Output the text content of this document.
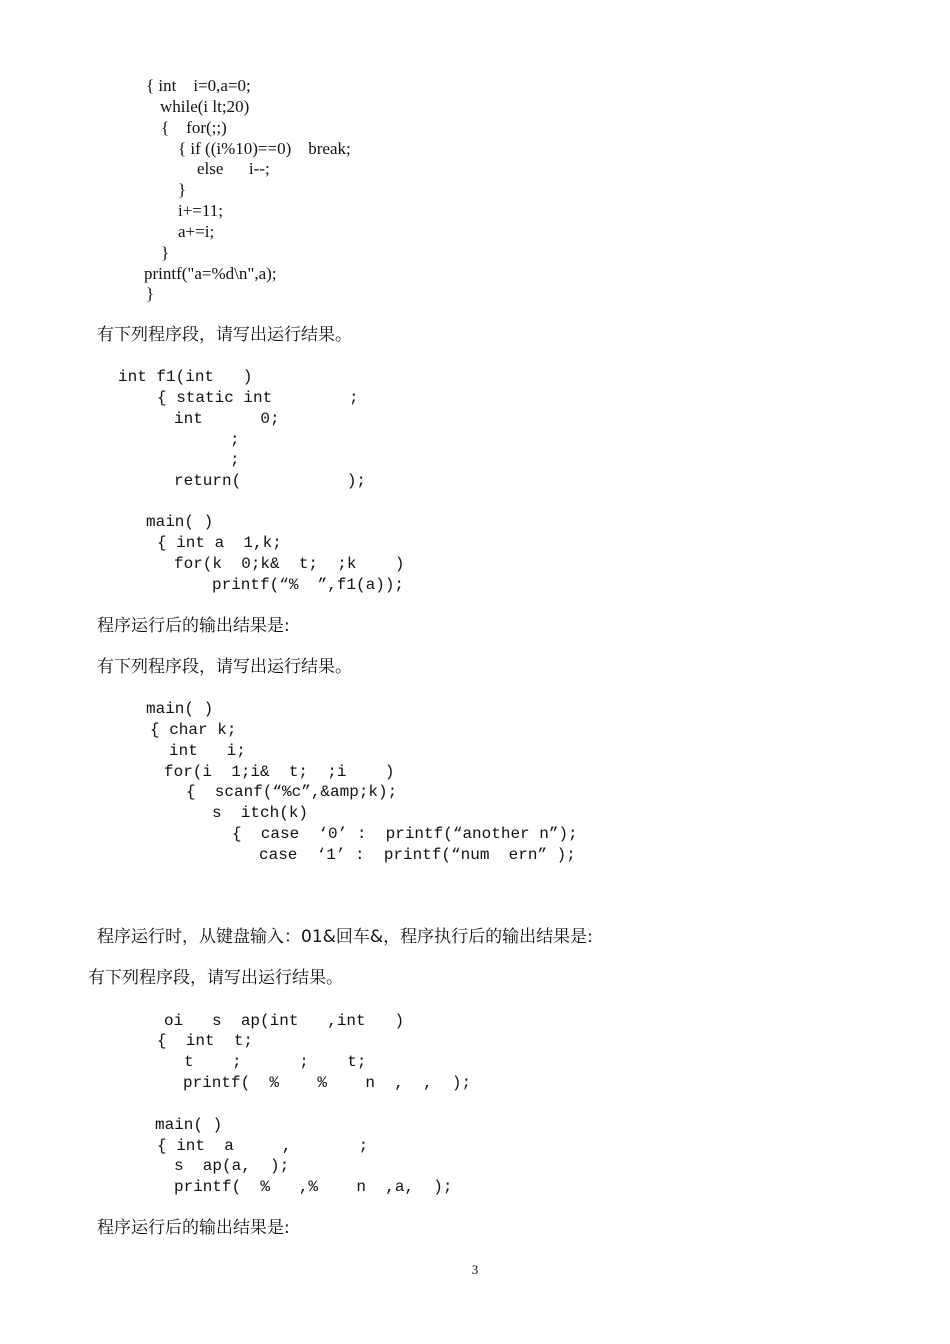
{ int    i=0,a=0;
while(i lt;20)
{    for(;;)
{ if ((i%10)==0)    break;
else      i--;
}
i+=11;
a+=i;
}
printf("a=%d\n",a);
}
有下列程序段，请写出运行结果。
int f1(int   )
{ static int        ;
int      0;
;
;
return(           );
main( )
{ int a  1,k;
for(k  0;k&  t;  ;k    )
printf(“%  ”,f1(a));
程序运行后的输出结果是:
有下列程序段，请写出运行结果。
main( )
{ char k;
int   i;
for(i  1;i&  t;  ;i    )
{  scanf(“%c”,&amp;k);
s  itch(k)
{  case  ‘0’ :  printf(“another n”);
case  ‘1’ :  printf(“num  ern” );
程序运行时，从键盘输入：01&回车&，程序执行后的输出结果是:
有下列程序段，请写出运行结果。
oi   s  ap(int   ,int   )
{  int  t;
t    ;      ;    t;
printf(  %    %    n  ,  ,  );
main( )
{ int  a     ,       ;
s  ap(a,  );
printf(  %   ,%    n  ,a,  );
程序运行后的输出结果是:
3
